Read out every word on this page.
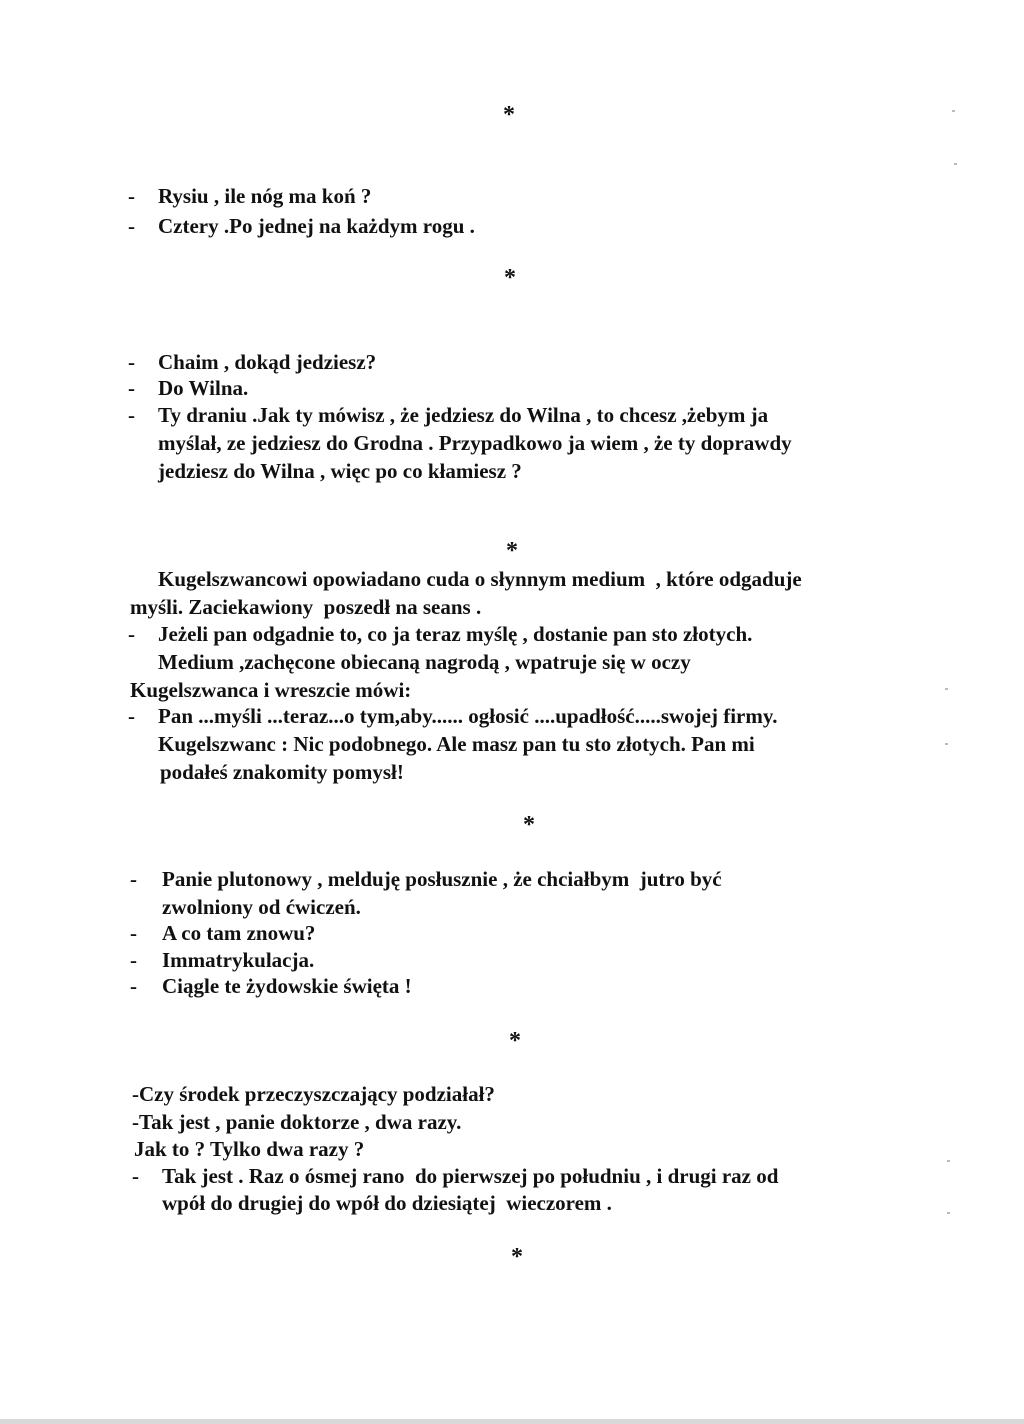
*
*
*
*
*
*
- Rysiu , ile nóg ma koń ?
- Cztery .Po jednej na każdym rogu .
- Chaim , dokąd jedziesz?
- Do Wilna.
- Ty draniu .Jak ty mówisz , że jedziesz do Wilna , to chcesz ,żebym ja
myślał, ze jedziesz do Grodna . Przypadkowo ja wiem , że ty doprawdy
jedziesz do Wilna , więc po co kłamiesz ?
Kugelszwancowi opowiadano cuda o słynnym medium  , które odgaduje
myśli. Zaciekawiony  poszedł na seans .
- Jeżeli pan odgadnie to, co ja teraz myślę , dostanie pan sto złotych.
Medium ,zachęcone obiecaną nagrodą , wpatruje się w oczy
Kugelszwanca i wreszcie mówi:
- Pan ...myśli ...teraz...o tym,aby...... ogłosić ....upadłość.....swojej firmy.
Kugelszwanc : Nic podobnego. Ale masz pan tu sto złotych. Pan mi
podałeś znakomity pomysł!
- Panie plutonowy , melduję posłusznie , że chciałbym  jutro być
zwolniony od ćwiczeń.
- A co tam znowu?
- Immatrykulacja.
- Ciągle te żydowskie święta !
-Czy środek przeczyszczający podziałał?
-Tak jest , panie doktorze , dwa razy.
Jak to ? Tylko dwa razy ?
- Tak jest . Raz o ósmej rano  do pierwszej po południu , i drugi raz od
wpół do drugiej do wpół do dziesiątej  wieczorem .
